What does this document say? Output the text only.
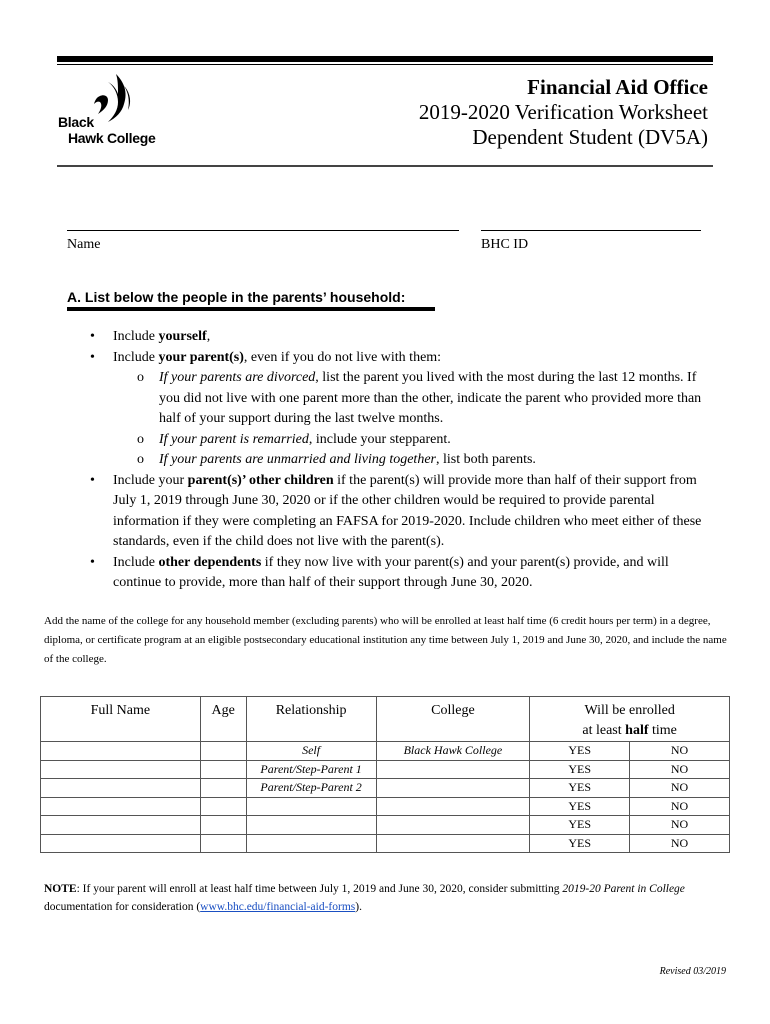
Black
Hawk College
Financial Aid Office
2019-2020 Verification Worksheet
Dependent Student (DV5A)
Name	BHC ID
A. List below the people in the parents’ household:
• Include yourself,
• Include your parent(s), even if you do not live with them:
o If your parents are divorced, list the parent you lived with the most during the last 12 months. If you did not live with one parent more than the other, indicate the parent who provided more than half of your support during the last twelve months.
o If your parent is remarried, include your stepparent.
o If your parents are unmarried and living together, list both parents.
• Include your parent(s)’ other children if the parent(s) will provide more than half of their support from July 1, 2019 through June 30, 2020 or if the other children would be required to provide parental information if they were completing an FAFSA for 2019-2020. Include children who meet either of these standards, even if the child does not live with the parent(s).
• Include other dependents if they now live with your parent(s) and your parent(s) provide, and will continue to provide, more than half of their support through June 30, 2020.
Add the name of the college for any household member (excluding parents) who will be enrolled at least half time (6 credit hours per term) in a degree, diploma, or certificate program at an eligible postsecondary educational institution any time between July 1, 2019 and June 30, 2020, and include the name of the college.
Full Name	Age	Relationship	College	Will be enrolled
at least half time	

		Self	Black Hawk College	YES	NO
		Parent/Step-Parent 1		YES	NO
		Parent/Step-Parent 2		YES	NO
				YES	NO
				YES	NO
				YES	NO
NOTE: If your parent will enroll at least half time between July 1, 2019 and June 30, 2020, consider submitting 2019-20 Parent in College documentation for consideration (www.bhc.edu/financial-aid-forms).
Revised 03/2019
